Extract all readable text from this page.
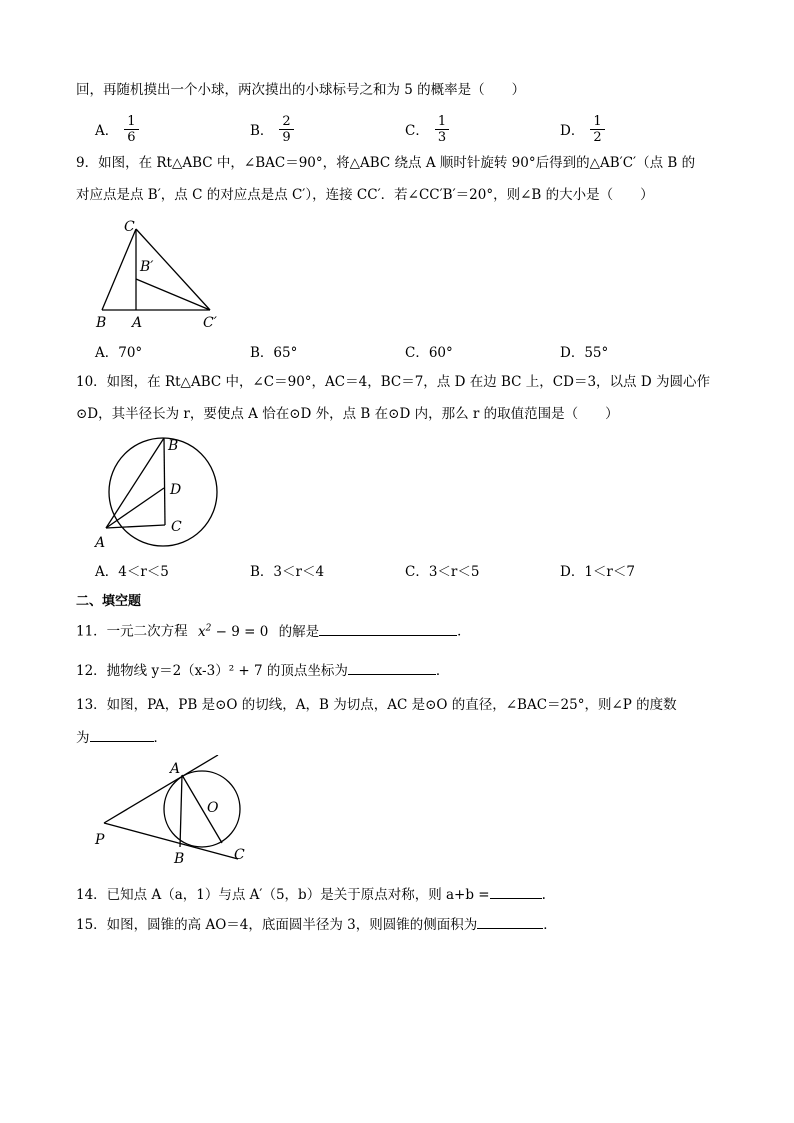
回，再随机摸出一个小球，两次摸出的小球标号之和为 5 的概率是（　　）
A． $\frac{1}{6}$	B． $\frac{2}{9}$	C． $\frac{1}{3}$	D． $\frac{1}{2}$
9．如图，在 Rt△ABC 中，∠BAC＝90°，将△ABC 绕点 A 顺时针旋转 90°后得到的△AB′C′（点 B 的
对应点是点 B′，点 C 的对应点是点 C′），连接 CC′．若∠CC′B′＝20°，则∠B 的大小是（　　）
C
B′
B A	C′
A．70°	B．65°	C．60°	D．55°
10．如图，在 Rt△ABC 中，∠C＝90°，AC＝4，BC＝7，点 D 在边 BC 上，CD＝3，以点 D 为圆心作
⊙D，其半径长为 r，要使点 A 恰在⊙D 外，点 B 在⊙D 内，那么 r 的取值范围是（　　）
B
D
A
C
A．4＜r＜5	B．3＜r＜4	C．3＜r＜5	D．1＜r＜7
二、填空题
11．一元二次方程 $x^2 - 9 = 0$ 的解是	．
12．抛物线 y＝2（x-3）² + 7 的顶点坐标为	．
13．如图，PA，PB 是⊙O 的切线，A，B 为切点，AC 是⊙O 的直径，∠BAC＝25°，则∠P 的度数
为	．
A
O
P
B	C
14．已知点 A（a，1）与点 A′（5，b）是关于原点对称，则 a+b =	.
15．如图，圆锥的高 AO＝4，底面圆半径为 3，则圆锥的侧面积为	．
